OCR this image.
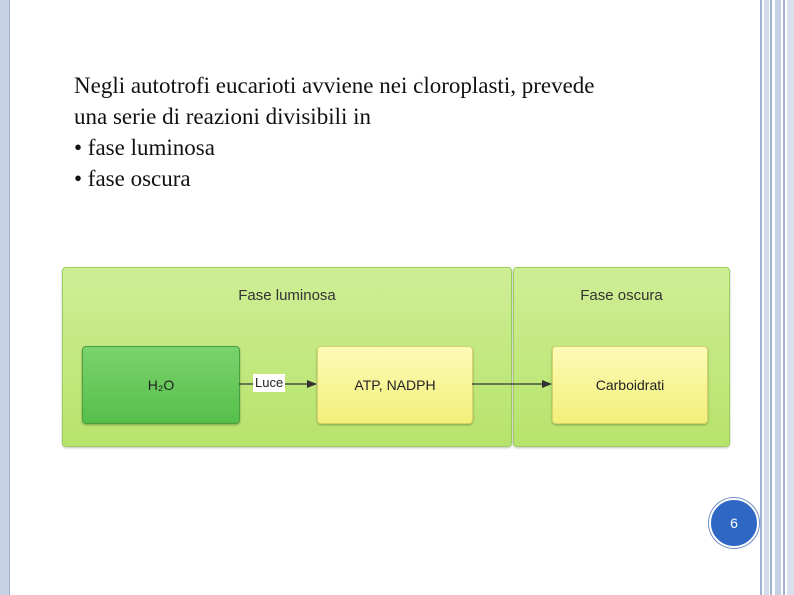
Negli autotrofi eucarioti avviene nei cloroplasti, prevede
una serie di reazioni divisibili in
• fase luminosa
• fase oscura
Fase luminosa	Fase oscura
H₂O	ATP, NADPH	Carboidrati
Luce
6
